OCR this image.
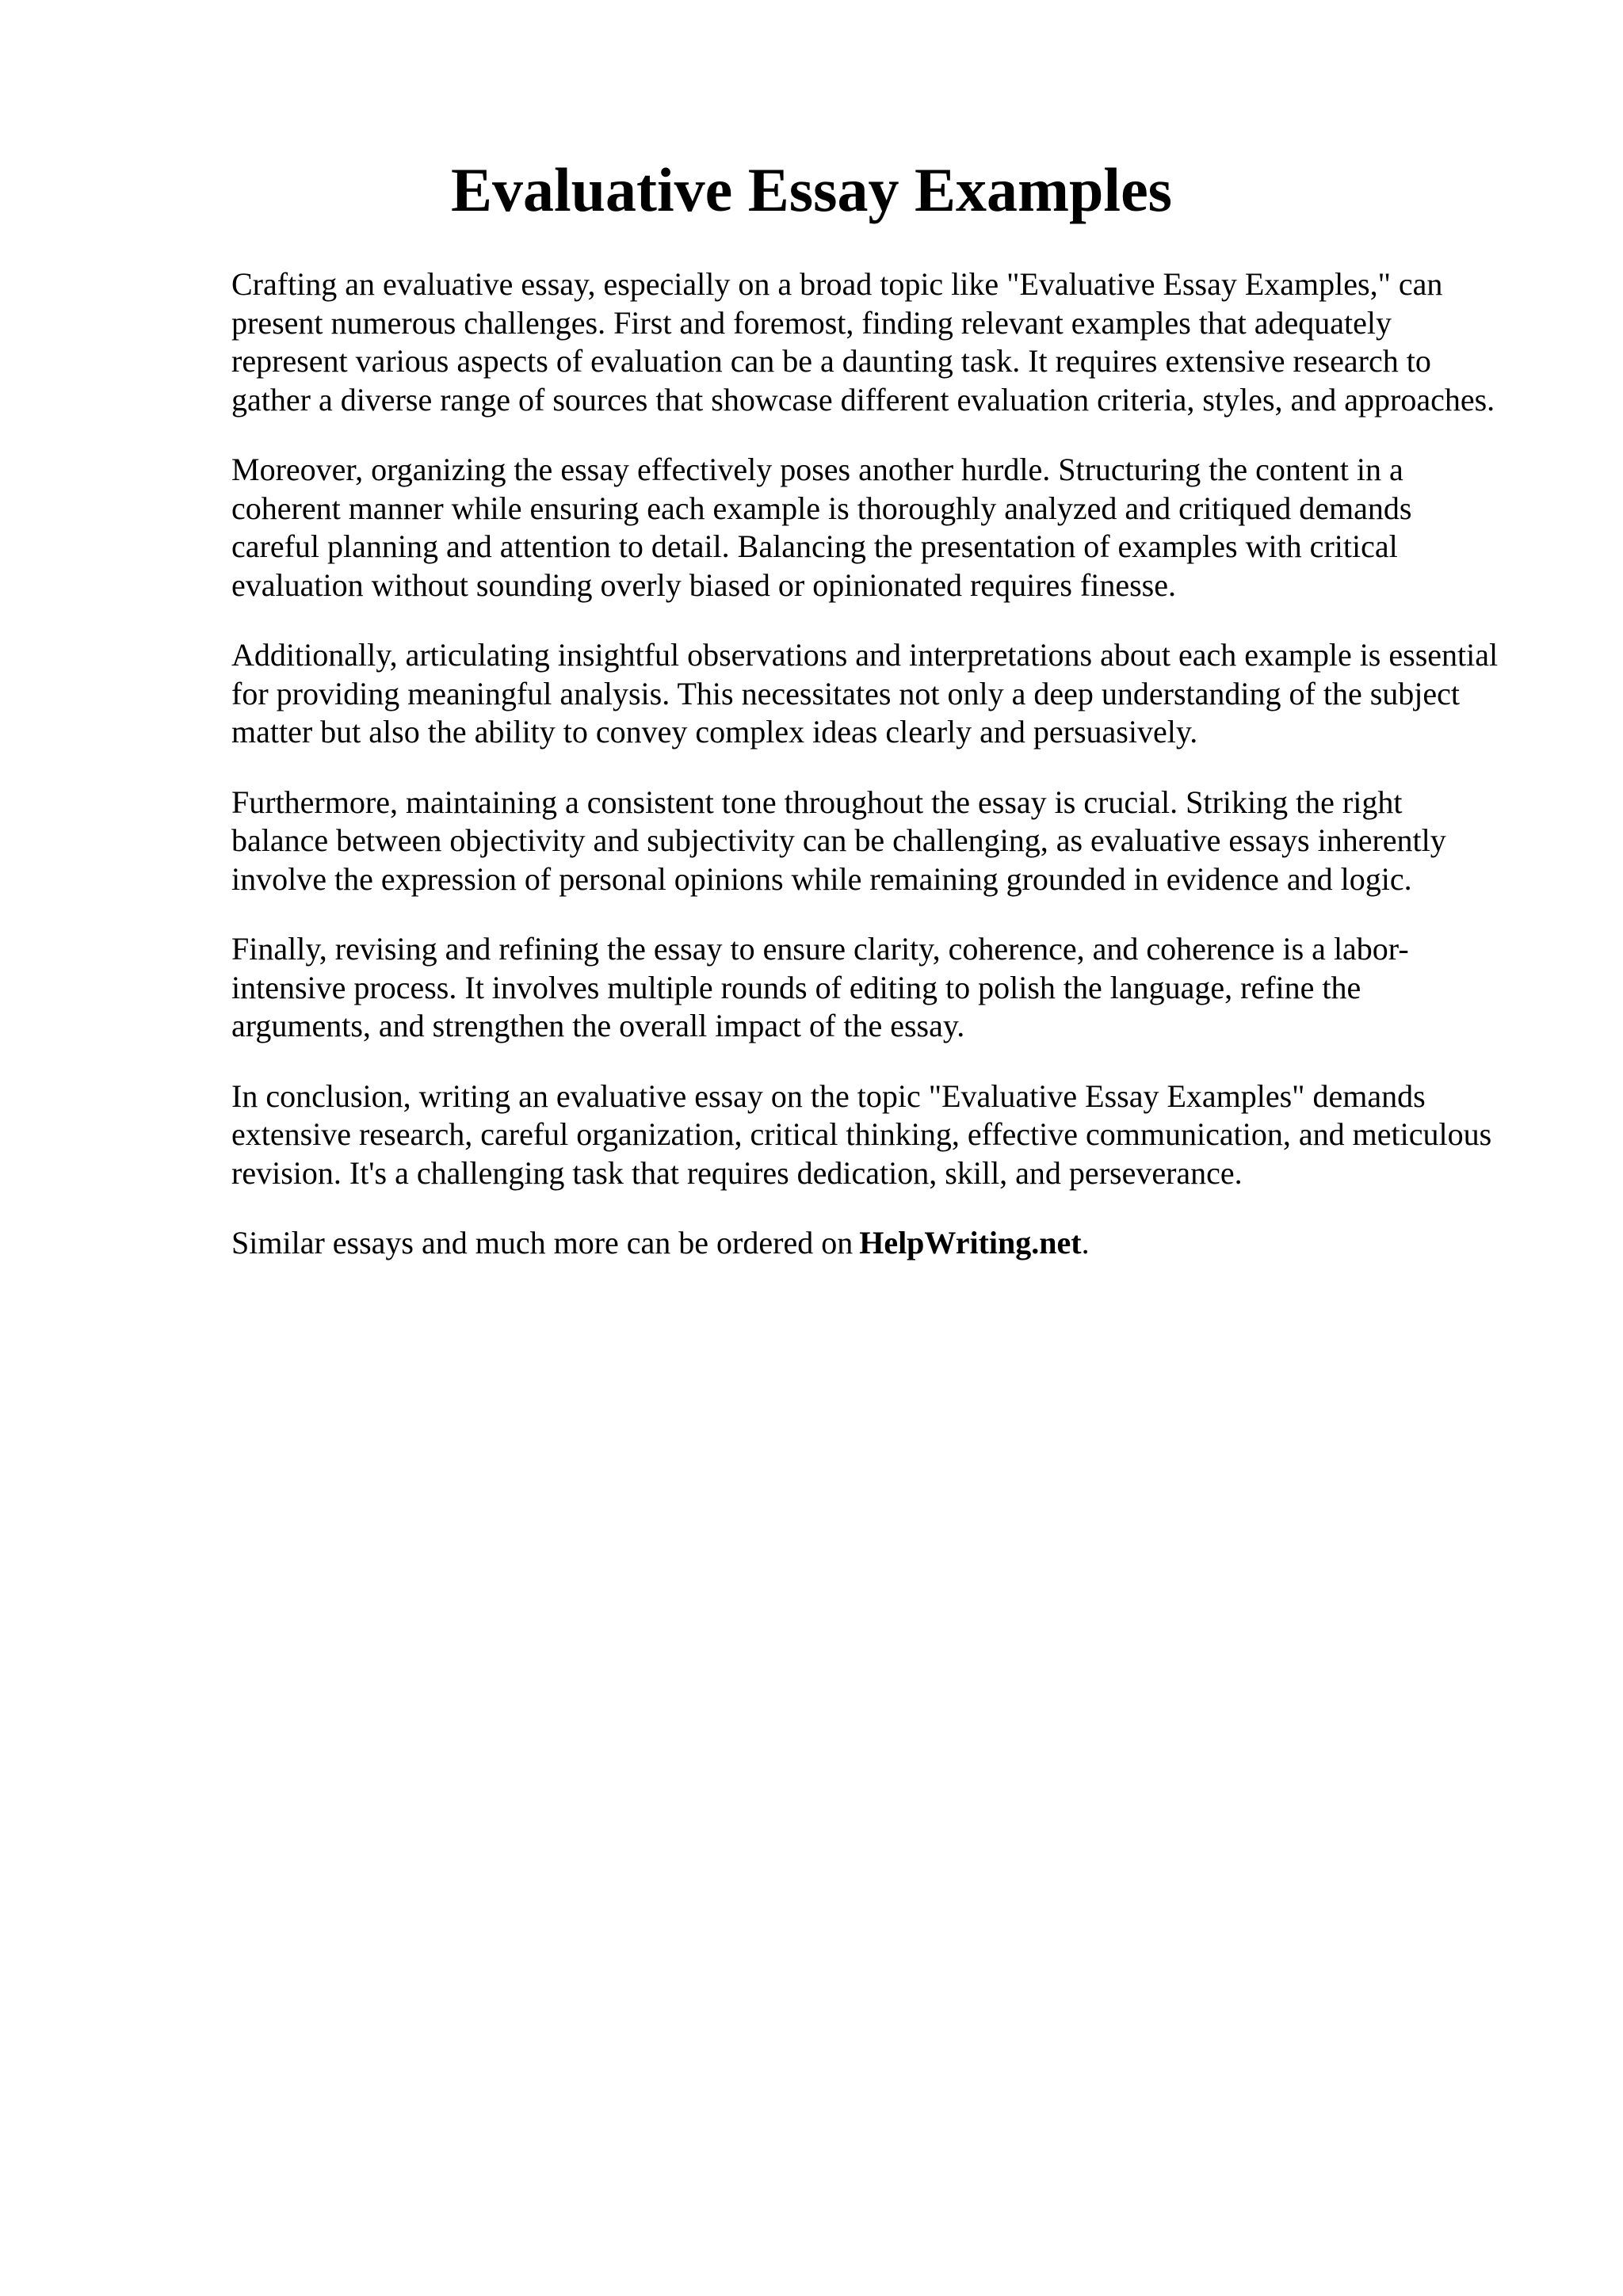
Evaluative Essay Examples

Crafting an evaluative essay, especially on a broad topic like "Evaluative Essay Examples," can present numerous challenges. First and foremost, finding relevant examples that adequately represent various aspects of evaluation can be a daunting task. It requires extensive research to gather a diverse range of sources that showcase different evaluation criteria, styles, and approaches.

Moreover, organizing the essay effectively poses another hurdle. Structuring the content in a coherent manner while ensuring each example is thoroughly analyzed and critiqued demands careful planning and attention to detail. Balancing the presentation of examples with critical evaluation without sounding overly biased or opinionated requires finesse.

Additionally, articulating insightful observations and interpretations about each example is essential for providing meaningful analysis. This necessitates not only a deep understanding of the subject matter but also the ability to convey complex ideas clearly and persuasively.

Furthermore, maintaining a consistent tone throughout the essay is crucial. Striking the right balance between objectivity and subjectivity can be challenging, as evaluative essays inherently involve the expression of personal opinions while remaining grounded in evidence and logic.

Finally, revising and refining the essay to ensure clarity, coherence, and coherence is a labor-intensive process. It involves multiple rounds of editing to polish the language, refine the arguments, and strengthen the overall impact of the essay.

In conclusion, writing an evaluative essay on the topic "Evaluative Essay Examples" demands extensive research, careful organization, critical thinking, effective communication, and meticulous revision. It's a challenging task that requires dedication, skill, and perseverance.

Similar essays and much more can be ordered on HelpWriting.net.
